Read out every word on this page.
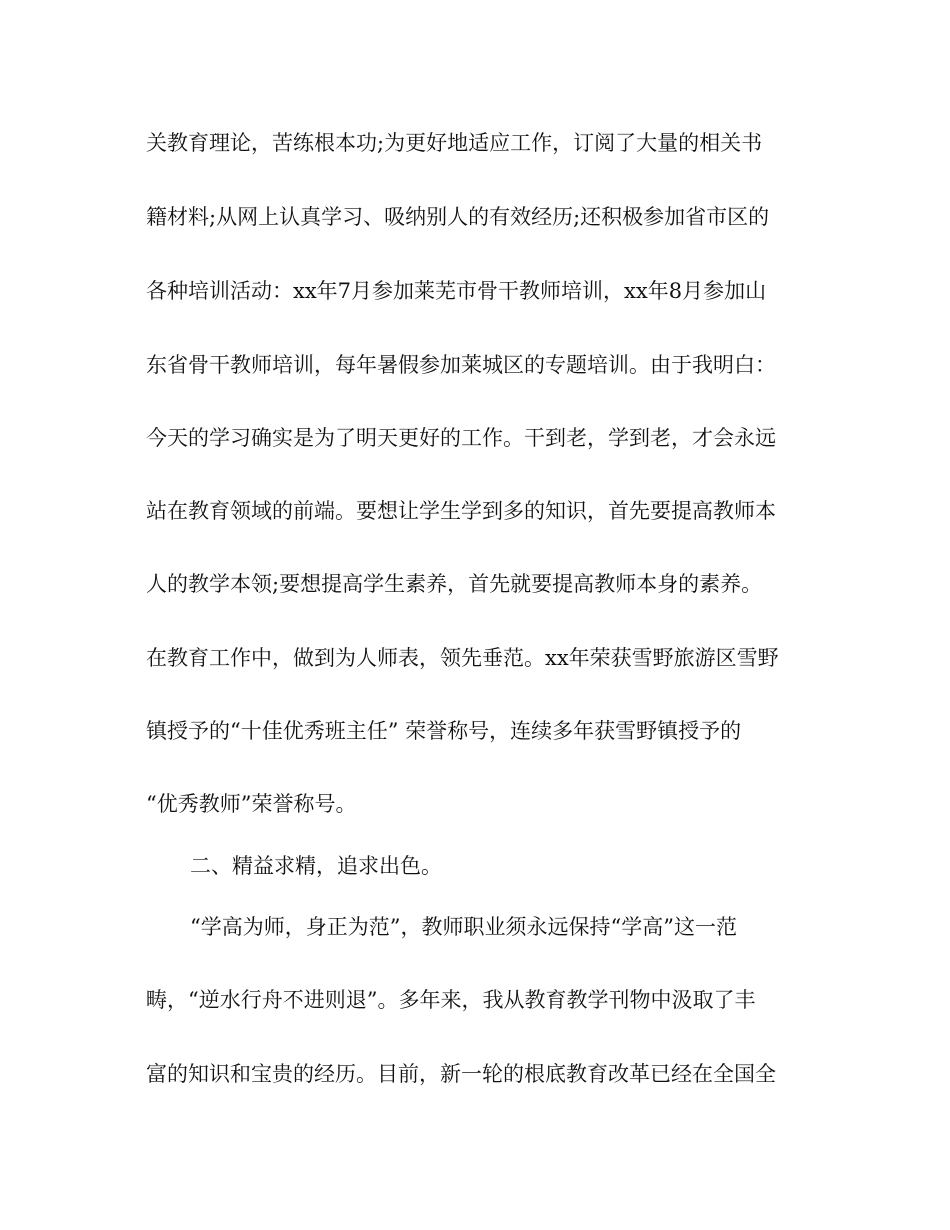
关教育理论，苦练根本功;为更好地适应工作，订阅了大量的相关书

籍材料;从网上认真学习、吸纳别人的有效经历;还积极参加省市区的

各种培训活动：xx年7月参加莱芜市骨干教师培训，xx年8月参加山

东省骨干教师培训，每年暑假参加莱城区的专题培训。由于我明白：

今天的学习确实是为了明天更好的工作。干到老，学到老，才会永远

站在教育领域的前端。要想让学生学到多的知识，首先要提高教师本

人的教学本领;要想提高学生素养，首先就要提高教师本身的素养。

在教育工作中，做到为人师表，领先垂范。xx年荣获雪野旅游区雪野

镇授予的“十佳优秀班主任” 荣誉称号，连续多年获雪野镇授予的

“优秀教师”荣誉称号。

二、精益求精，追求出色。

“学高为师，身正为范”，教师职业须永远保持“学高”这一范

畴，“逆水行舟不进则退”。多年来，我从教育教学刊物中汲取了丰

富的知识和宝贵的经历。目前，新一轮的根底教育改革已经在全国全
